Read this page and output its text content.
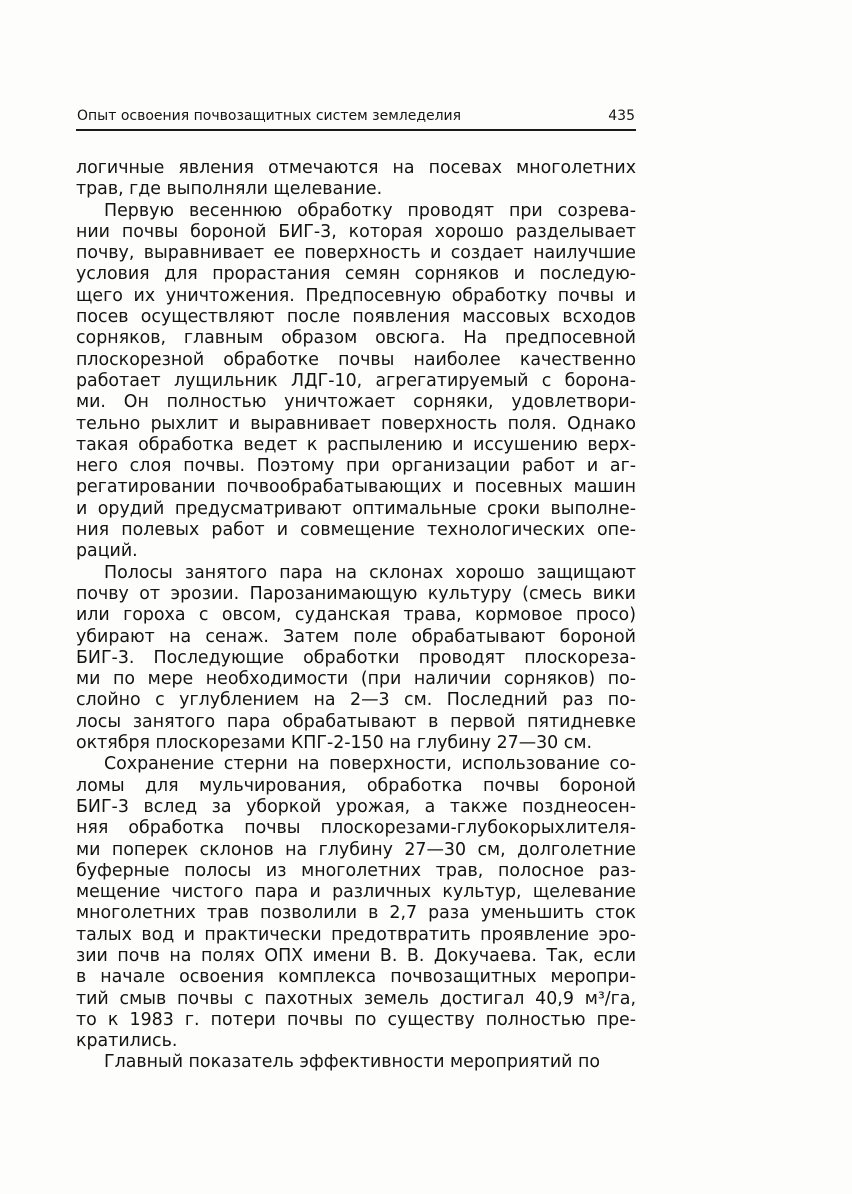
Опыт освоения почвозащитных систем земледелия	435
логичные явления отмечаются на посевах многолетних
трав, где выполняли щелевание.
Первую весеннюю обработку проводят при созрева-
нии почвы бороной БИГ-3, которая хорошо разделывает
почву, выравнивает ее поверхность и создает наилучшие
условия для прорастания семян сорняков и последую-
щего их уничтожения. Предпосевную обработку почвы и
посев осуществляют после появления массовых всходов
сорняков, главным образом овсюга. На предпосевной
плоскорезной обработке почвы наиболее качественно
работает лущильник ЛДГ-10, агрегатируемый с борона-
ми. Он полностью уничтожает сорняки, удовлетвори-
тельно рыхлит и выравнивает поверхность поля. Однако
такая обработка ведет к распылению и иссушению верх-
него слоя почвы. Поэтому при организации работ и аг-
регатировании почвообрабатывающих и посевных машин
и орудий предусматривают оптимальные сроки выполне-
ния полевых работ и совмещение технологических опе-
раций.
Полосы занятого пара на склонах хорошо защищают
почву от эрозии. Парозанимающую культуру (смесь вики
или гороха с овсом, суданская трава, кормовое просо)
убирают на сенаж. Затем поле обрабатывают бороной
БИГ-3. Последующие обработки проводят плоскореза-
ми по мере необходимости (при наличии сорняков) по-
слойно с углублением на 2—3 см. Последний раз по-
лосы занятого пара обрабатывают в первой пятидневке
октября плоскорезами КПГ-2-150 на глубину 27—30 см.
Сохранение стерни на поверхности, использование со-
ломы для мульчирования, обработка почвы бороной
БИГ-3 вслед за уборкой урожая, а также позднеосен-
няя обработка почвы плоскорезами-глубокорыхлителя-
ми поперек склонов на глубину 27—30 см, долголетние
буферные полосы из многолетних трав, полосное раз-
мещение чистого пара и различных культур, щелевание
многолетних трав позволили в 2,7 раза уменьшить сток
талых вод и практически предотвратить проявление эро-
зии почв на полях ОПХ имени В. В. Докучаева. Так, если
в начале освоения комплекса почвозащитных меропри-
тий смыв почвы с пахотных земель достигал 40,9 м³/га,
то к 1983 г. потери почвы по существу полностью пре-
кратились.
Главный показатель эффективности мероприятий по
